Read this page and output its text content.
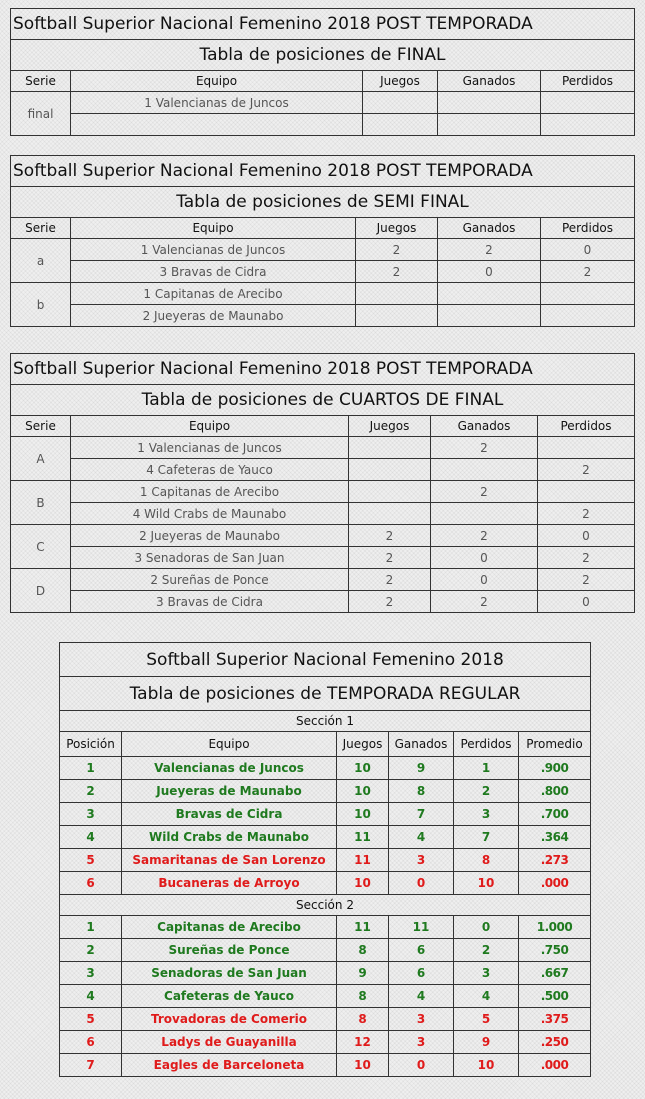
Softball Superior Nacional Femenino 2018 POST TEMPORADA				
Tabla de posiciones de FINAL				
Serie	Equipo	Juegos	Ganados	Perdidos
final	1 Valencianas de Juncos			

Softball Superior Nacional Femenino 2018 POST TEMPORADA				
Tabla de posiciones de SEMI FINAL				
Serie	Equipo	Juegos	Ganados	Perdidos
a	1 Valencianas de Juncos	2	2	0
	3 Bravas de Cidra	2	0	2
b	1 Capitanas de Arecibo			
	2 Jueyeras de Maunabo			
Softball Superior Nacional Femenino 2018 POST TEMPORADA				
Tabla de posiciones de CUARTOS DE FINAL				
Serie	Equipo	Juegos	Ganados	Perdidos
A	1 Valencianas de Juncos		2	
	4 Cafeteras de Yauco			2
B	1 Capitanas de Arecibo		2	
	4 Wild Crabs de Maunabo			2
C	2 Jueyeras de Maunabo	2	2	0
	3 Senadoras de San Juan	2	0	2
D	2 Sureñas de Ponce	2	0	2
	3 Bravas de Cidra	2	2	0
Softball Superior Nacional Femenino 2018					
Tabla de posiciones de TEMPORADA REGULAR					
Sección 1					
Posición	Equipo	Juegos	Ganados	Perdidos	Promedio
1	Valencianas de Juncos	10	9	1	.900
2	Jueyeras de Maunabo	10	8	2	.800
3	Bravas de Cidra	10	7	3	.700
4	Wild Crabs de Maunabo	11	4	7	.364
5	Samaritanas de San Lorenzo	11	3	8	.273
6	Bucaneras de Arroyo	10	0	10	.000
Sección 2					
1	Capitanas de Arecibo	11	11	0	1.000
2	Sureñas de Ponce	8	6	2	.750
3	Senadoras de San Juan	9	6	3	.667
4	Cafeteras de Yauco	8	4	4	.500
5	Trovadoras de Comerio	8	3	5	.375
6	Ladys de Guayanilla	12	3	9	.250
7	Eagles de Barceloneta	10	0	10	.000
